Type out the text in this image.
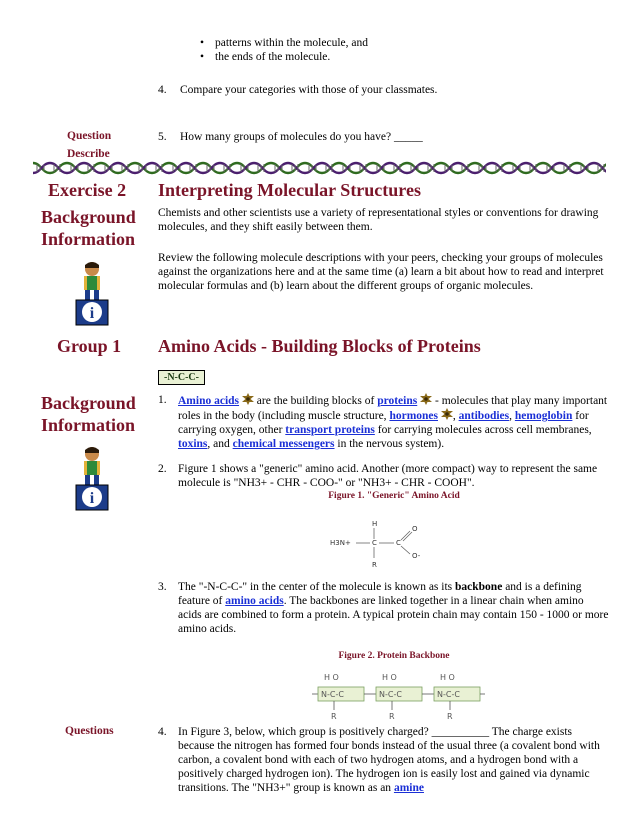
• patterns within the molecule, and
• the ends of the molecule.
4. Compare your categories with those of your classmates.
Question
Describe
5. How many groups of molecules do you have? _____
Exercise 2 Interpreting Molecular Structures
Background
Information
Chemists and other scientists use a variety of representational styles or conventions for drawing molecules, and they shift easily between them.
Review the following molecule descriptions with your peers, checking your groups of molecules against the organizations here and at the same time (a) learn a bit about how to read and interpret molecular formulas and (b) learn about the different groups of organic molecules.
i
Group 1 Amino Acids - Building Blocks of Proteins
-N-C-C-
Background
Information
i
1. Amino acids  are the building blocks of proteins  - molecules that play many important roles in the body (including muscle structure, hormones , antibodies, hemoglobin for carrying oxygen, other transport proteins for carrying molecules across cell membranes, toxins, and chemical messengers in the nervous system).
2. Figure 1 shows a "generic" amino acid. Another (more compact) way to represent the same molecule is "NH3+ - CHR - COO-" or "NH3+ - CHR - COOH".
Figure 1. "Generic" Amino Acid
H
H3N+	C	C
O
O-
R
3. The "-N-C-C-" in the center of the molecule is known as its backbone and is a defining feature of amino acids. The backbones are linked together in a linear chain when amino acids are combined to form a protein. A typical protein chain may contain 150 - 1000 or more amino acids.
Figure 2. Protein Backbone
H O	H O	H O
N-C-C	N-C-C	N-C-C
R	R	R
Questions	4. In Figure 3, below, which group is positively charged? __________ The charge exists because the nitrogen has formed four bonds instead of the usual three (a covalent bond with carbon, a covalent bond with each of two hydrogen atoms, and a hydrogen bond with a positively charged hydrogen ion). The hydrogen ion is easily lost and gained via dynamic transitions. The "NH3+" group is known as an amine
